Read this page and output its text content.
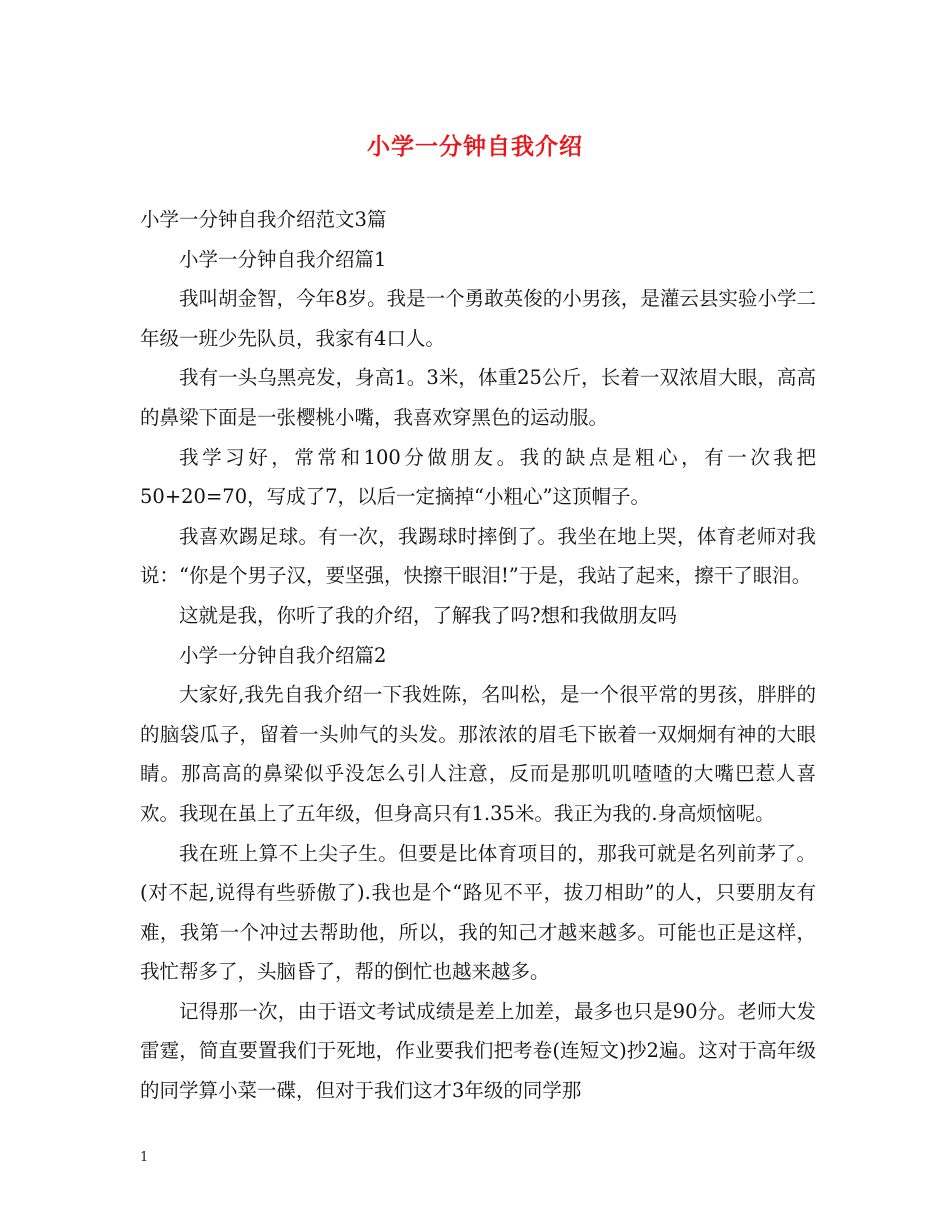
小学一分钟自我介绍

小学一分钟自我介绍范文3篇

小学一分钟自我介绍篇1

我叫胡金智，今年8岁。我是一个勇敢英俊的小男孩，是灌云县实验小学二年级一班少先队员，我家有4口人。

我有一头乌黑亮发，身高1。3米，体重25公斤，长着一双浓眉大眼，高高的鼻梁下面是一张樱桃小嘴，我喜欢穿黑色的运动服。

我学习好，常常和100分做朋友。我的缺点是粗心，有一次我把50+20=70，写成了7，以后一定摘掉“小粗心”这顶帽子。

我喜欢踢足球。有一次，我踢球时摔倒了。我坐在地上哭，体育老师对我说：“你是个男子汉，要坚强，快擦干眼泪!”于是，我站了起来，擦干了眼泪。

这就是我，你听了我的介绍，了解我了吗?想和我做朋友吗

小学一分钟自我介绍篇2

大家好,我先自我介绍一下我姓陈，名叫松，是一个很平常的男孩，胖胖的的脑袋瓜子，留着一头帅气的头发。那浓浓的眉毛下嵌着一双炯炯有神的大眼睛。那高高的鼻梁似乎没怎么引人注意，反而是那叽叽喳喳的大嘴巴惹人喜欢。我现在虽上了五年级，但身高只有1.35米。我正为我的.身高烦恼呢。

我在班上算不上尖子生。但要是比体育项目的，那我可就是名列前茅了。(对不起,说得有些骄傲了).我也是个“路见不平，拔刀相助”的人，只要朋友有难，我第一个冲过去帮助他，所以，我的知己才越来越多。可能也正是这样，我忙帮多了，头脑昏了，帮的倒忙也越来越多。

记得那一次，由于语文考试成绩是差上加差，最多也只是90分。老师大发雷霆，简直要置我们于死地，作业要我们把考卷(连短文)抄2遍。这对于高年级的同学算小菜一碟，但对于我们这才3年级的同学那

1
